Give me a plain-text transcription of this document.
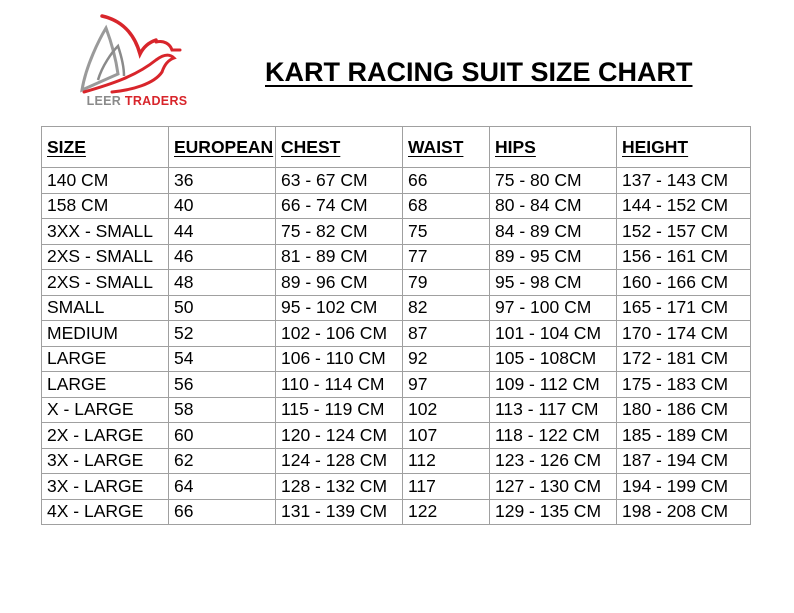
LEER TRADERS
KART RACING SUIT SIZE CHART
SIZE	EUROPEAN	CHEST	WAIST	HIPS	HEIGHT
140 CM	36	63 - 67 CM	66	75 - 80 CM	137 - 143 CM
158 CM	40	66 - 74 CM	68	80 - 84 CM	144 - 152 CM
3XX - SMALL	44	75 - 82 CM	75	84 - 89 CM	152 - 157 CM
2XS - SMALL	46	81 - 89 CM	77	89 - 95 CM	156 - 161 CM
2XS - SMALL	48	89 - 96 CM	79	95 - 98 CM	160 - 166 CM
SMALL	50	95 - 102 CM	82	97 - 100 CM	165 - 171 CM
MEDIUM	52	102 - 106 CM	87	101 - 104 CM	170 - 174 CM
LARGE	54	106 - 110 CM	92	105 - 108CM	172 - 181 CM
LARGE	56	110 - 114 CM	97	109 - 112 CM	175 - 183 CM
X - LARGE	58	115 - 119 CM	102	113 - 117 CM	180 - 186 CM
2X - LARGE	60	120 - 124 CM	107	118 - 122 CM	185 - 189 CM
3X - LARGE	62	124 - 128 CM	112	123 - 126 CM	187 - 194 CM
3X - LARGE	64	128 - 132 CM	117	127 - 130 CM	194 - 199 CM
4X - LARGE	66	131 - 139 CM	122	129 - 135 CM	198 - 208 CM
